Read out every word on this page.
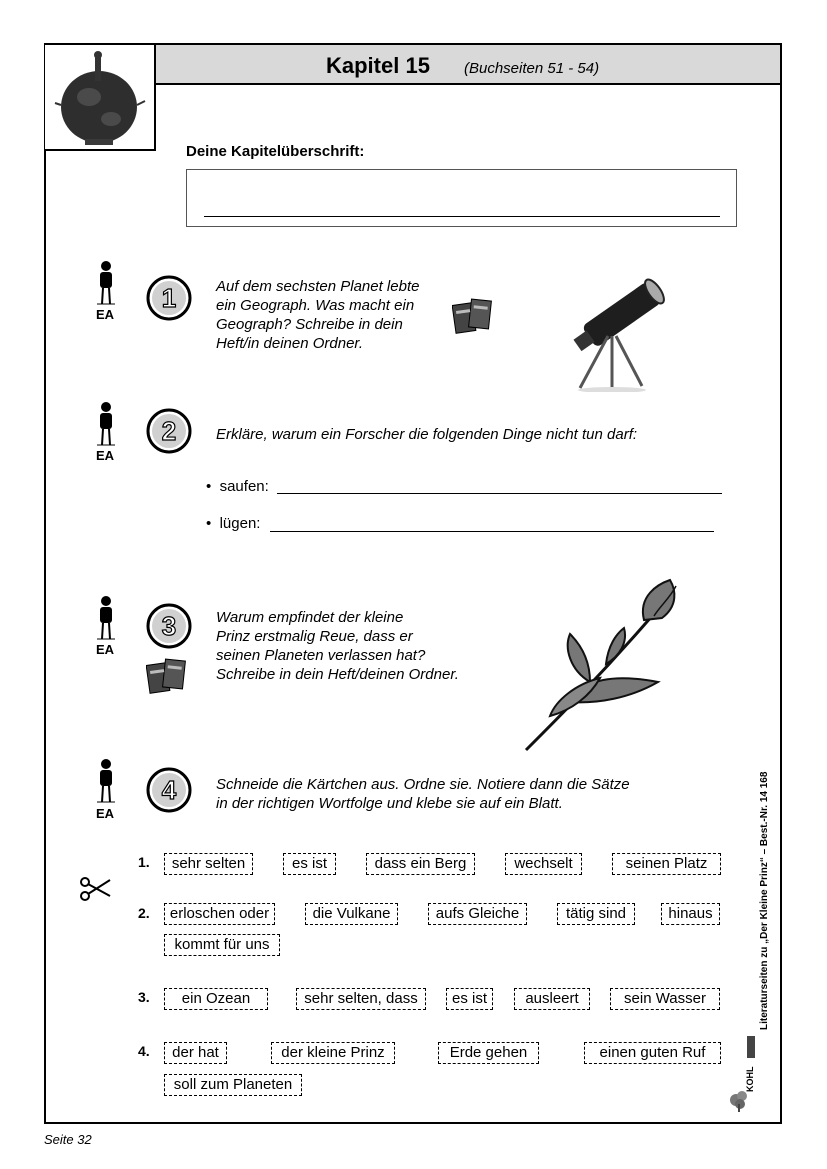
Kapitel 15 (Buchseiten 51 - 54)
Deine Kapitelüberschrift:
EA
1	Auf dem sechsten Planet lebte
ein Geograph. Was macht ein
Geograph? Schreibe in dein
Heft/in deinen Ordner.
EA
2	Erkläre, warum ein Forscher die folgenden Dinge nicht tun darf:
•  saufen:
•  lügen:
EA
3	Warum empfindet der kleine
Prinz erstmalig Reue, dass er
seinen Planeten verlassen hat?
Schreibe in dein Heft/deinen Ordner.
EA
4	Schneide die Kärtchen aus. Ordne sie. Notiere dann die Sätze
in der richtigen Wortfolge und klebe sie auf ein Blatt.
1.	sehr selten	es ist	dass ein Berg	wechselt	seinen Platz
2.	erloschen oder	die Vulkane	aufs Gleiche	tätig sind	hinaus
kommt für uns
3.	ein Ozean	sehr selten, dass	es ist	ausleert	sein Wasser
4.	der hat	der kleine Prinz	Erde gehen	einen guten Ruf
soll zum Planeten
Literaturseiten zu „Der Kleine Prinz“ – Best.-Nr. 14 168
KOHL
Seite 32
